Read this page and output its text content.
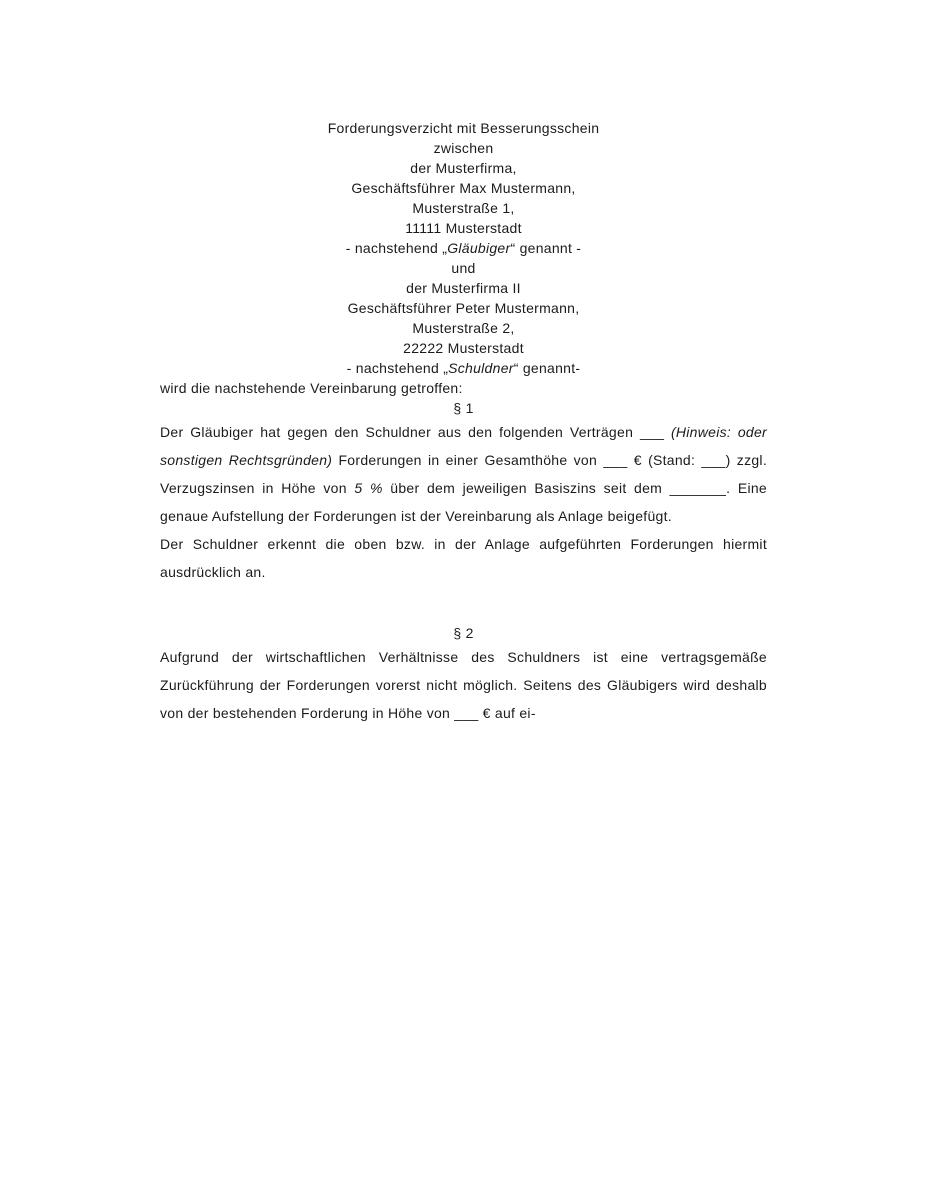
Forderungsverzicht mit Besserungsschein

zwischen

der Musterfirma,
Geschäftsführer Max Mustermann,
Musterstraße 1,
11111 Musterstadt

- nachstehend „Gläubiger“ genannt -

und

der Musterfirma II
Geschäftsführer Peter Mustermann,
Musterstraße 2,
22222 Musterstadt

- nachstehend „Schuldner“ genannt-

wird die nachstehende Vereinbarung getroffen:

§ 1

Der Gläubiger hat gegen den Schuldner aus den folgenden Verträgen ___ (Hinweis: oder sonstigen Rechtsgründen) Forderungen in einer Gesamthöhe von ___ € (Stand: ___) zzgl. Verzugszinsen in Höhe von 5 % über dem jeweiligen Basiszins seit dem _______. Eine genaue Aufstellung der Forderungen ist der Vereinbarung als Anlage beigefügt.

Der Schuldner erkennt die oben bzw. in der Anlage aufgeführten Forderungen hiermit ausdrücklich an.

§ 2

Aufgrund der wirtschaftlichen Verhältnisse des Schuldners ist eine vertragsgemäße Zurückführung der Forderungen vorerst nicht möglich. Seitens des Gläubigers wird deshalb von der bestehenden Forderung in Höhe von ___ € auf ei-
